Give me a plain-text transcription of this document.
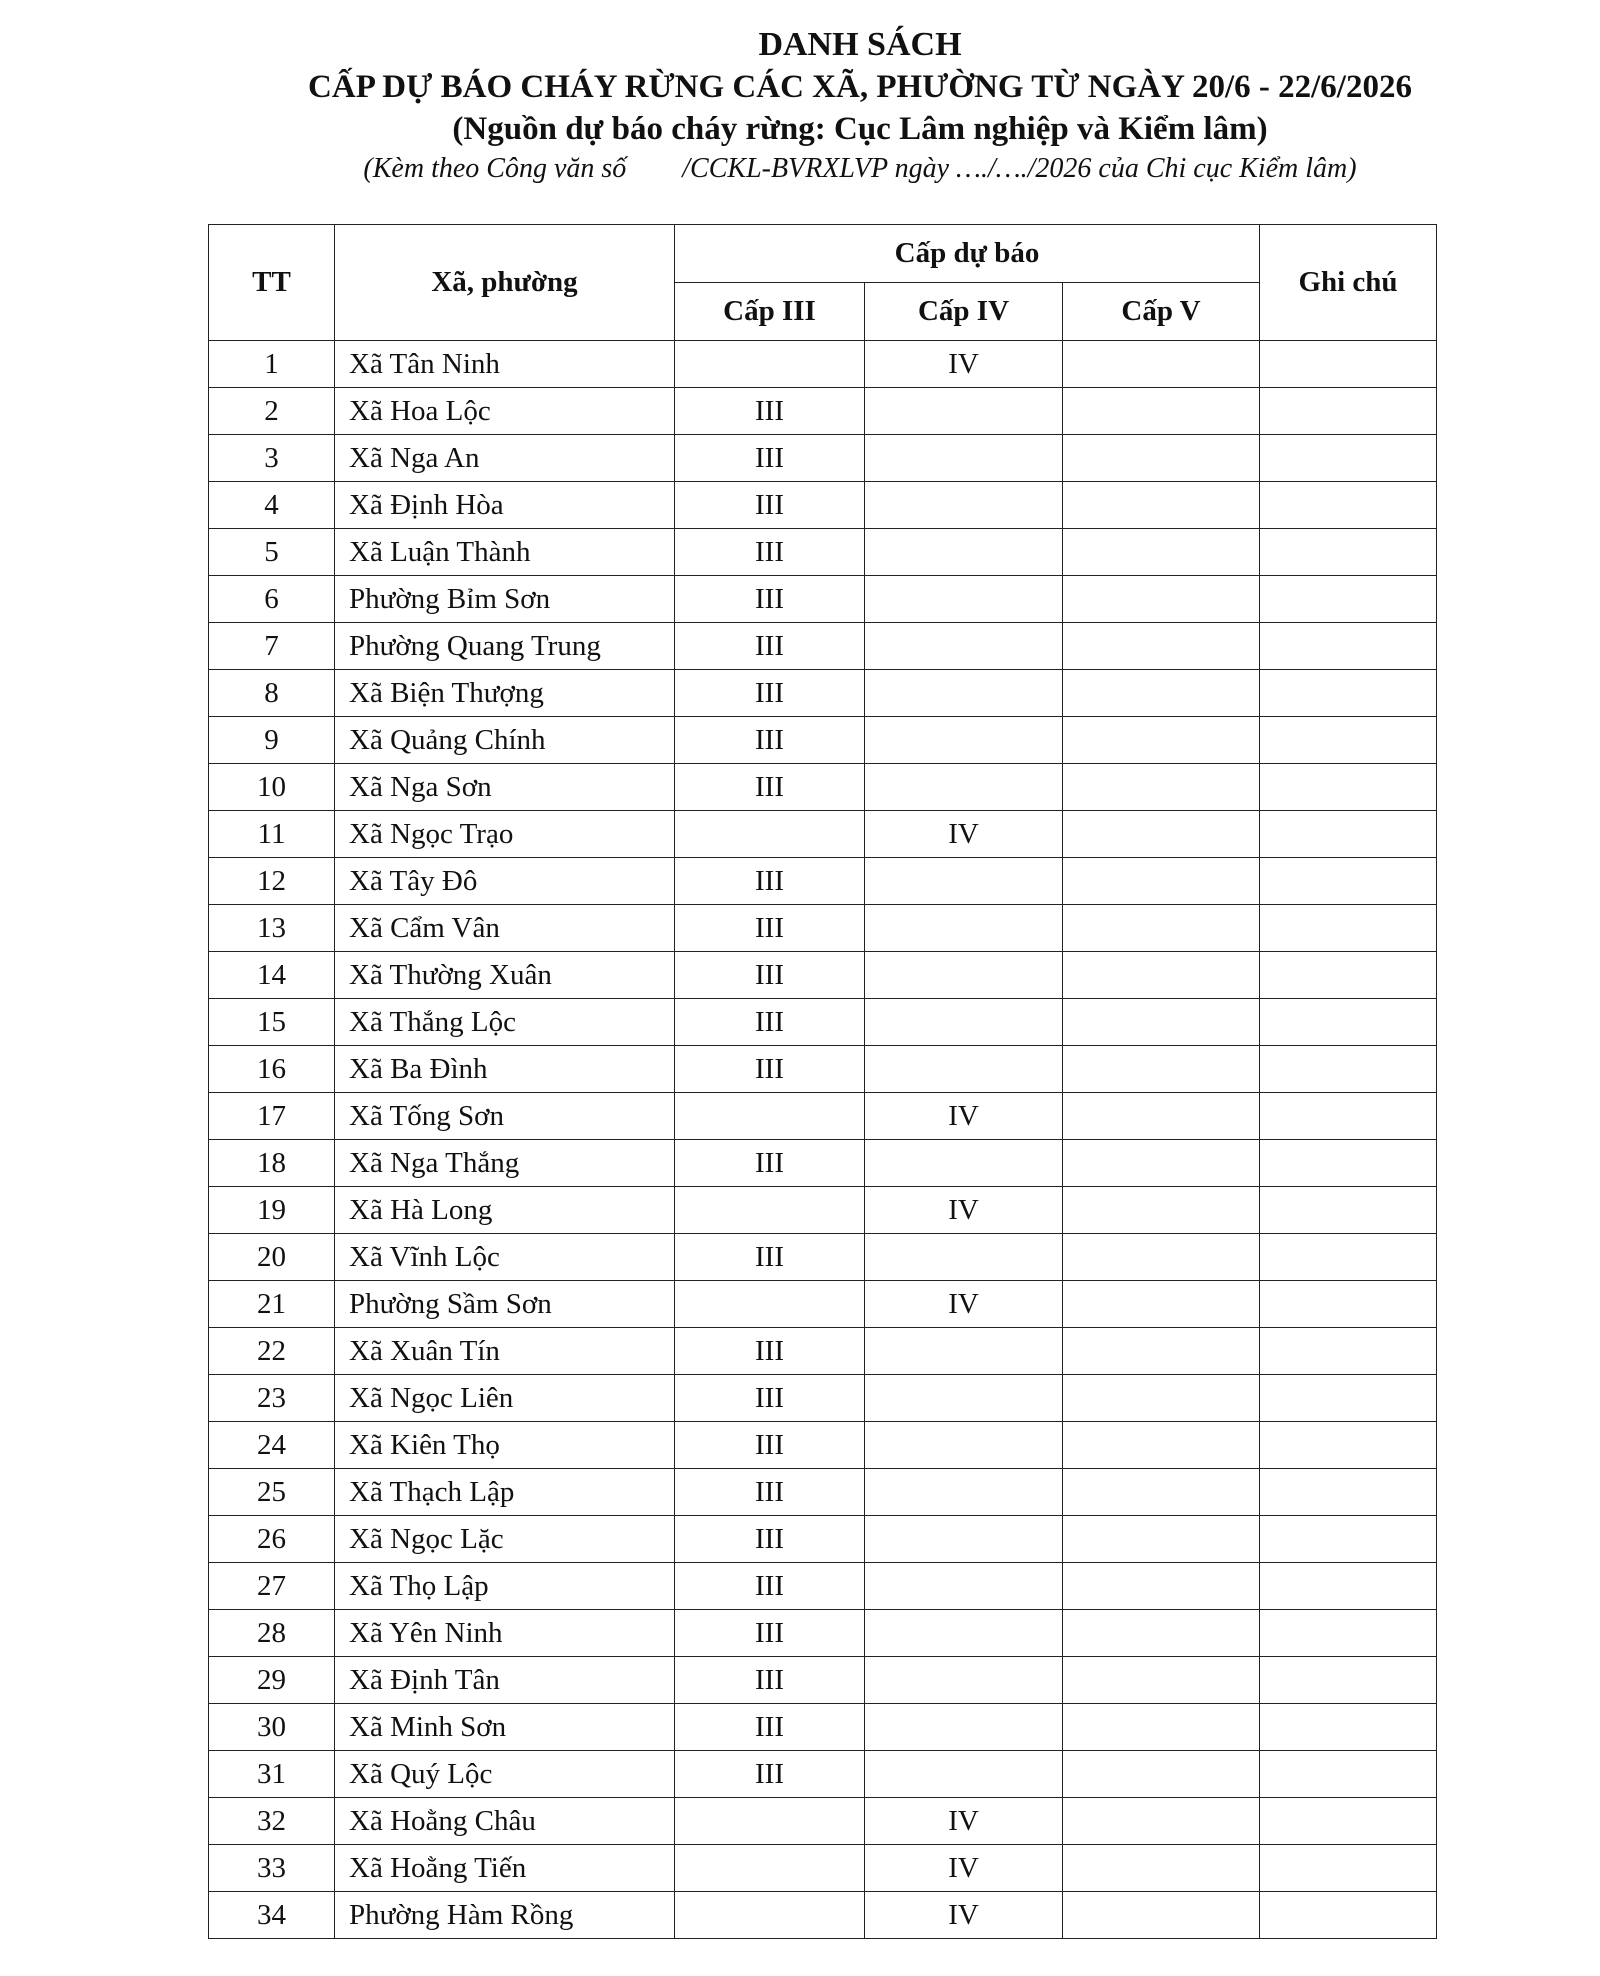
DANH SÁCH
CẤP DỰ BÁO CHÁY RỪNG CÁC XÃ, PHƯỜNG TỪ NGÀY 20/6 - 22/6/2026
(Nguồn dự báo cháy rừng: Cục Lâm nghiệp và Kiểm lâm)
(Kèm theo Công văn số        /CCKL-BVRXLVP ngày …./…./2026 của Chi cục Kiểm lâm)
TT	Xã, phường	Cấp dự báo			Ghi chú
		Cấp III	Cấp IV	Cấp V	
1	Xã Tân Ninh		IV		
2	Xã Hoa Lộc	III			
3	Xã Nga An	III			
4	Xã Định Hòa	III			
5	Xã Luận Thành	III			
6	Phường Bỉm Sơn	III			
7	Phường Quang Trung	III			
8	Xã Biện Thượng	III			
9	Xã Quảng Chính	III			
10	Xã Nga Sơn	III			
11	Xã Ngọc Trạo		IV		
12	Xã Tây Đô	III			
13	Xã Cẩm Vân	III			
14	Xã Thường Xuân	III			
15	Xã Thắng Lộc	III			
16	Xã Ba Đình	III			
17	Xã Tống Sơn		IV		
18	Xã Nga Thắng	III			
19	Xã Hà Long		IV		
20	Xã Vĩnh Lộc	III			
21	Phường Sầm Sơn		IV		
22	Xã Xuân Tín	III			
23	Xã Ngọc Liên	III			
24	Xã Kiên Thọ	III			
25	Xã Thạch Lập	III			
26	Xã Ngọc Lặc	III			
27	Xã Thọ Lập	III			
28	Xã Yên Ninh	III			
29	Xã Định Tân	III			
30	Xã Minh Sơn	III			
31	Xã Quý Lộc	III			
32	Xã Hoằng Châu		IV		
33	Xã Hoằng Tiến		IV		
34	Phường Hàm Rồng		IV		
